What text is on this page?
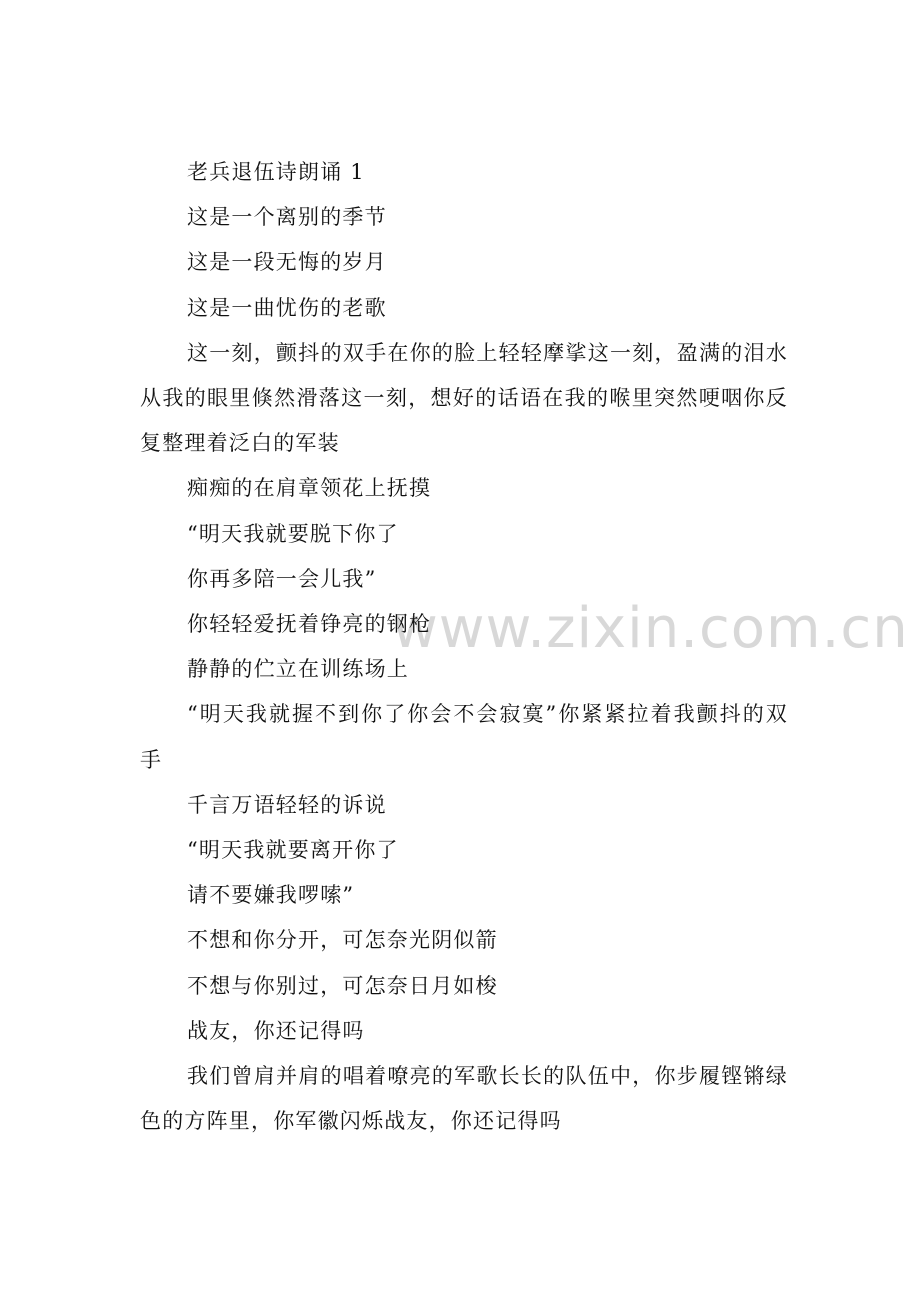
www.zixin.com.cn

老兵退伍诗朗诵 1

这是一个离别的季节

这是一段无悔的岁月

这是一曲忧伤的老歌

这一刻，颤抖的双手在你的脸上轻轻摩挲这一刻，盈满的泪水从我的眼里倏然滑落这一刻，想好的话语在我的喉里突然哽咽你反复整理着泛白的军装

痴痴的在肩章领花上抚摸

“明天我就要脱下你了

你再多陪一会儿我”

你轻轻爱抚着铮亮的钢枪

静静的伫立在训练场上

“明天我就握不到你了你会不会寂寞”你紧紧拉着我颤抖的双手

千言万语轻轻的诉说

“明天我就要离开你了

请不要嫌我啰嗦”

不想和你分开，可怎奈光阴似箭

不想与你别过，可怎奈日月如梭

战友，你还记得吗

我们曾肩并肩的唱着嘹亮的军歌长长的队伍中，你步履铿锵绿色的方阵里，你军徽闪烁战友，你还记得吗
